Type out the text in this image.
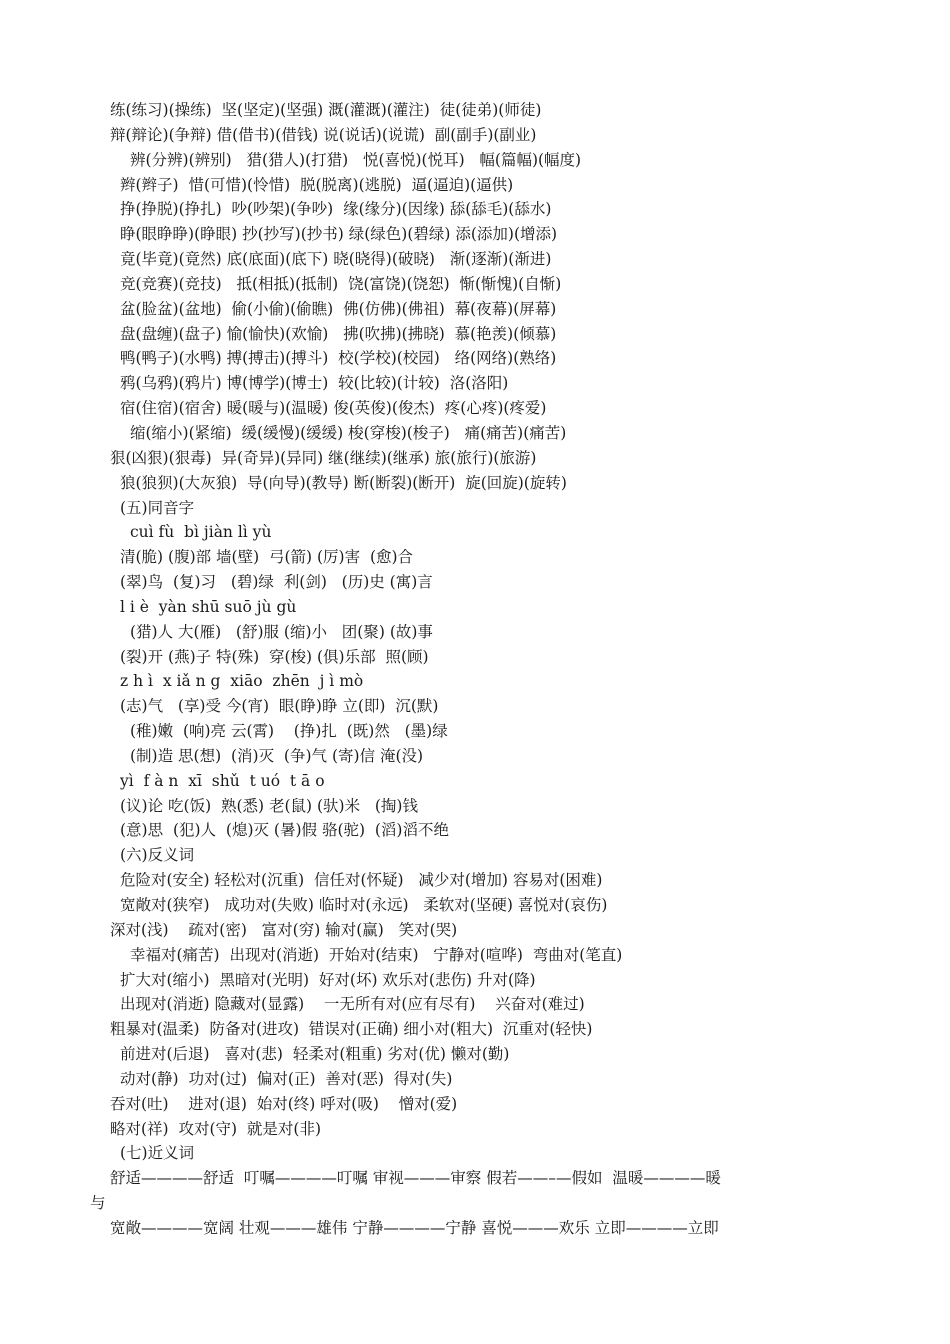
练(练习)(操练)  坚(坚定)(坚强) 溉(灌溉)(灌注)  徒(徒弟)(师徒)
辩(辩论)(争辩) 借(借书)(借钱) 说(说话)(说谎)  副(副手)(副业)
辨(分辨)(辨别)   猎(猎人)(打猎)   悦(喜悦)(悦耳)   幅(篇幅)(幅度)
辫(辫子)  惜(可惜)(怜惜)  脱(脱离)(逃脱)  逼(逼迫)(逼供)
挣(挣脱)(挣扎)  吵(吵架)(争吵)  缘(缘分)(因缘) 舔(舔毛)(舔水)
睁(眼睁睁)(睁眼) 抄(抄写)(抄书) 绿(绿色)(碧绿) 添(添加)(增添)
竟(毕竟)(竟然) 底(底面)(底下) 晓(晓得)(破晓)   渐(逐渐)(渐进)
竞(竞赛)(竞技)   抵(相抵)(抵制)  饶(富饶)(饶恕)  惭(惭愧)(自惭)
盆(脸盆)(盆地)  偷(小偷)(偷瞧)  佛(仿佛)(佛祖)  幕(夜幕)(屏幕)
盘(盘缠)(盘子) 愉(愉快)(欢愉)   拂(吹拂)(拂晓)  慕(艳羡)(倾慕)
鸭(鸭子)(水鸭) 搏(搏击)(搏斗)  校(学校)(校园)   络(网络)(熟络)
鸦(乌鸦)(鸦片) 博(博学)(博士)  较(比较)(计较)  洛(洛阳)
宿(住宿)(宿舍) 暖(暖与)(温暖) 俊(英俊)(俊杰)  疼(心疼)(疼爱)
缩(缩小)(紧缩)  缓(缓慢)(缓缓) 梭(穿梭)(梭子)   痛(痛苦)(痛苦)
狠(凶狠)(狠毒)  异(奇异)(异同) 继(继续)(继承) 旅(旅行)(旅游)
狼(狼狈)(大灰狼)  导(向导)(教导) 断(断裂)(断开)  旋(回旋)(旋转)
(五)同音字
cuì fù  bì jiàn lì yù
清(脆) (腹)部 墙(壁)  弓(箭) (厉)害  (愈)合
(翠)鸟  (复)习   (碧)绿  利(剑)   (历)史 (寓)言
l i è  yàn shū suō jù gù
(猎)人 大(雁)   (舒)服 (缩)小   团(聚) (故)事
(裂)开 (燕)子 特(殊)  穿(梭) (俱)乐部  照(顾)
z h ì  x iǎ n g  xiāo  zhēn  j ì mò
(志)气   (享)受 今(宵)  眼(睁)睁 立(即)  沉(默)
(稚)嫩  (响)亮 云(霄)    (挣)扎  (既)然   (墨)绿
(制)造 思(想)  (消)灭  (争)气 (寄)信 淹(没)
yì  f à n  xī  shǔ  t uó  t ā o
(议)论 吃(饭)  熟(悉) 老(鼠) (驮)米   (掏)钱
(意)思  (犯)人  (熄)灭 (暑)假 骆(驼)  (滔)滔不绝
(六)反义词
危险对(安全) 轻松对(沉重)  信任对(怀疑)   减少对(增加) 容易对(困难)
宽敞对(狭窄)   成功对(失败) 临时对(永远)   柔软对(坚硬) 喜悦对(哀伤)
深对(浅)    疏对(密)   富对(穷) 输对(赢)   笑对(哭)
幸福对(痛苦)  出现对(消逝)  开始对(结束)   宁静对(喧哗)  弯曲对(笔直)
扩大对(缩小)  黑暗对(光明)  好对(坏) 欢乐对(悲伤) 升对(降)
出现对(消逝) 隐藏对(显露)    一无所有对(应有尽有)    兴奋对(难过)
粗暴对(温柔)  防备对(进攻)  错误对(正确) 细小对(粗大)  沉重对(轻快)
前进对(后退)   喜对(悲)  轻柔对(粗重) 劣对(优) 懒对(勤)
动对(静)  功对(过)  偏对(正)  善对(恶)  得对(失)
吞对(吐)    进对(退)  始对(终) 呼对(吸)    憎对(爱)
略对(祥)  攻对(守)  就是对(非)
(七)近义词
舒适————舒适  叮嘱————叮嘱 审视———审察 假若——–—假如  温暖————暖
与
宽敞————宽阔 壮观———雄伟 宁静————宁静 喜悦———欢乐 立即————立即
